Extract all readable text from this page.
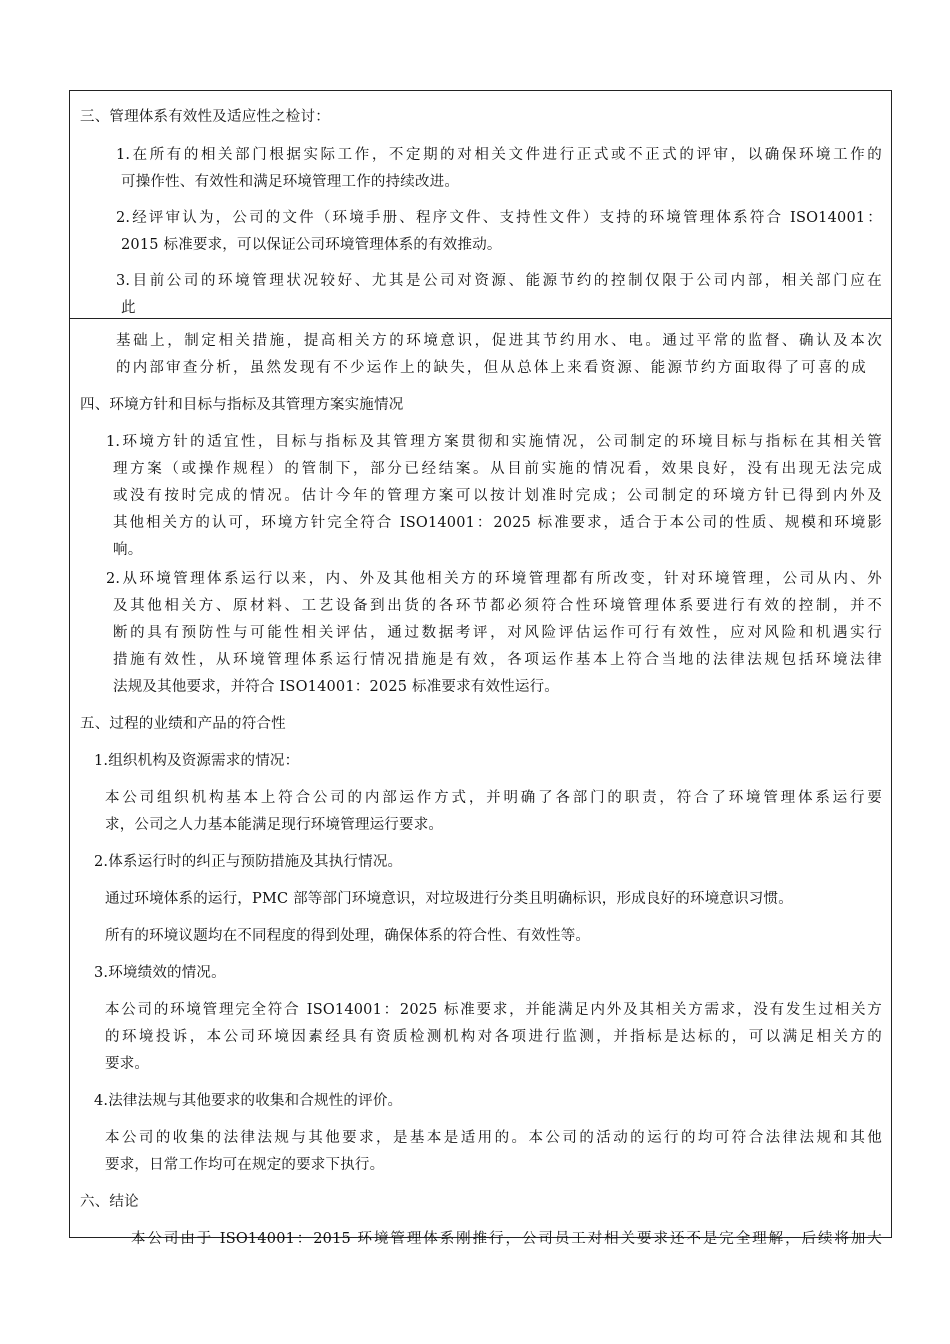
三、管理体系有效性及适应性之检讨：
1.在所有的相关部门根据实际工作，不定期的对相关文件进行正式或不正式的评审，以确保环境工作的
可操作性、有效性和满足环境管理工作的持续改进。
2.经评审认为，公司的文件（环境手册、程序文件、支持性文件）支持的环境管理体系符合 ISO14001：
2015 标准要求，可以保证公司环境管理体系的有效推动。
3.目前公司的环境管理状况较好、尤其是公司对资源、能源节约的控制仅限于公司内部，相关部门应在
此
基础上，制定相关措施，提高相关方的环境意识，促进其节约用水、电。通过平常的监督、确认及本次
的内部审查分析，虽然发现有不少运作上的缺失，但从总体上来看资源、能源节约方面取得了可喜的成
四、环境方针和目标与指标及其管理方案实施情况
1.环境方针的适宜性，目标与指标及其管理方案贯彻和实施情况，公司制定的环境目标与指标在其相关管
理方案（或操作规程）的管制下，部分已经结案。从目前实施的情况看，效果良好，没有出现无法完成
或没有按时完成的情况。估计今年的管理方案可以按计划准时完成；公司制定的环境方针已得到内外及
其他相关方的认可，环境方针完全符合 ISO14001：2025 标准要求，适合于本公司的性质、规模和环境影
响。
2.从环境管理体系运行以来，内、外及其他相关方的环境管理都有所改变，针对环境管理，公司从内、外
及其他相关方、原材料、工艺设备到出货的各环节都必须符合性环境管理体系要进行有效的控制，并不
断的具有预防性与可能性相关评估，通过数据考评，对风险评估运作可行有效性，应对风险和机遇实行
措施有效性，从环境管理体系运行情况措施是有效，各项运作基本上符合当地的法律法规包括环境法律
法规及其他要求，并符合 ISO14001：2025 标准要求有效性运行。
五、过程的业绩和产品的符合性
1.组织机构及资源需求的情况：
本公司组织机构基本上符合公司的内部运作方式，并明确了各部门的职责，符合了环境管理体系运行要
求，公司之人力基本能满足现行环境管理运行要求。
2.体系运行时的纠正与预防措施及其执行情况。
通过环境体系的运行，PMC 部等部门环境意识，对垃圾进行分类且明确标识，形成良好的环境意识习惯。
所有的环境议题均在不同程度的得到处理，确保体系的符合性、有效性等。
3.环境绩效的情况。
本公司的环境管理完全符合 ISO14001：2025 标准要求，并能满足内外及其相关方需求，没有发生过相关方
的环境投诉，本公司环境因素经具有资质检测机构对各项进行监测，并指标是达标的，可以满足相关方的
要求。
4.法律法规与其他要求的收集和合规性的评价。
本公司的收集的法律法规与其他要求，是基本是适用的。本公司的活动的运行的均可符合法律法规和其他
要求，日常工作均可在规定的要求下执行。
六、结论
本公司由于 ISO14001：2015 环境管理体系刚推行，公司员工对相关要求还不是完全理解，后续将加大
